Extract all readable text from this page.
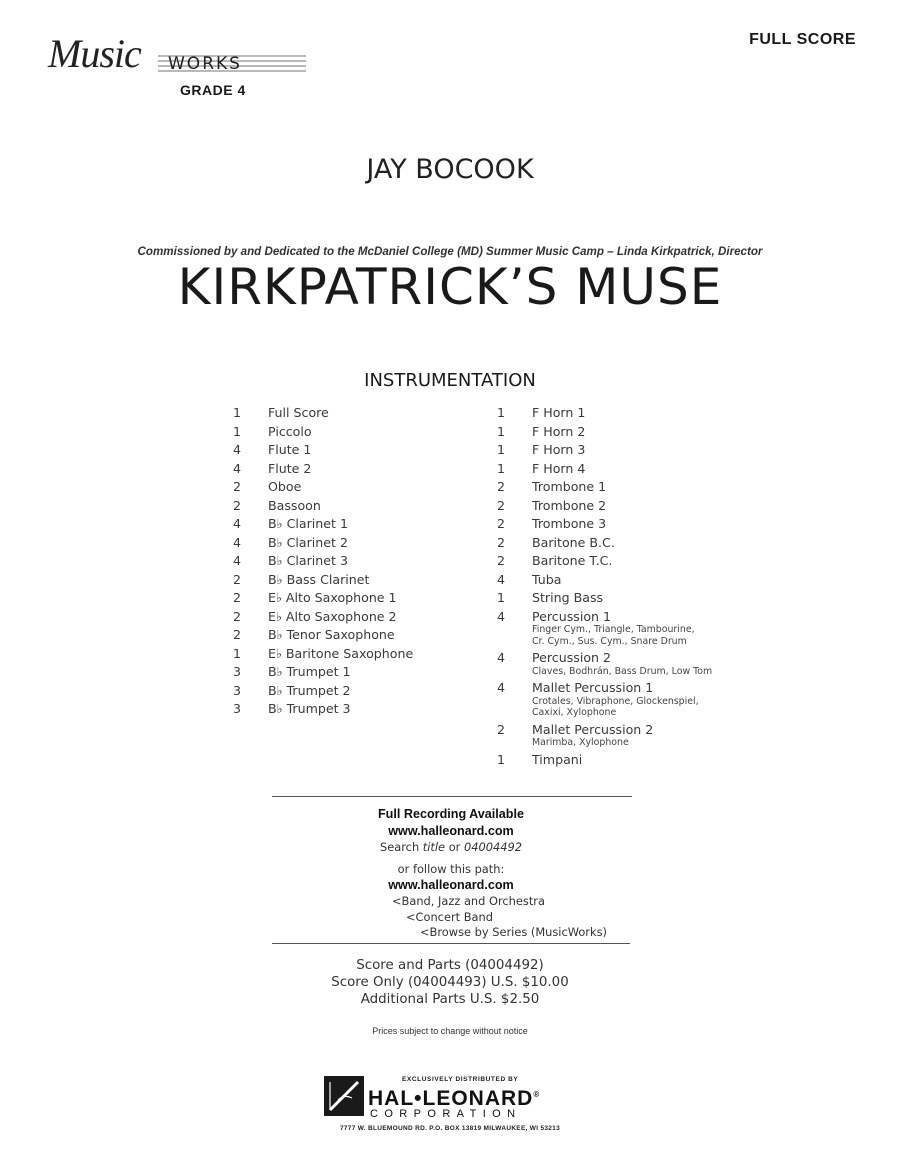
Music WORKS
GRADE 4
FULL SCORE
JAY BOCOOK
Commissioned by and Dedicated to the McDaniel College (MD) Summer Music Camp – Linda Kirkpatrick, Director
KIRKPATRICK’S MUSE
INSTRUMENTATION
1	Full Score
1	Piccolo
4	Flute 1
4	Flute 2
2	Oboe
2	Bassoon
4	B♭ Clarinet 1
4	B♭ Clarinet 2
4	B♭ Clarinet 3
2	B♭ Bass Clarinet
2	E♭ Alto Saxophone 1
2	E♭ Alto Saxophone 2
2	B♭ Tenor Saxophone
1	E♭ Baritone Saxophone
3	B♭ Trumpet 1
3	B♭ Trumpet 2
3	B♭ Trumpet 3
1	F Horn 1
1	F Horn 2
1	F Horn 3
1	F Horn 4
2	Trombone 1
2	Trombone 2
2	Trombone 3
2	Baritone B.C.
2	Baritone T.C.
4	Tuba
1	String Bass
4	Percussion 1
Finger Cym., Triangle, Tambourine,
Cr. Cym., Sus. Cym., Snare Drum
4	Percussion 2
Claves, Bodhrán, Bass Drum, Low Tom
4	Mallet Percussion 1
Crotales, Vibraphone, Glockenspiel,
Caxixi, Xylophone
2	Mallet Percussion 2
Marimba, Xylophone
1	Timpani
Full Recording Available
www.halleonard.com
Search title or 04004492
or follow this path:
www.halleonard.com
<Band, Jazz and Orchestra
<Concert Band
<Browse by Series (MusicWorks)
Score and Parts (04004492)
Score Only (04004493) U.S. $10.00
Additional Parts U.S. $2.50
Prices subject to change without notice
EXCLUSIVELY DISTRIBUTED BY
HAL•LEONARD®
CORPORATION
7777 W. BLUEMOUND RD. P.O. BOX 13819 MILWAUKEE, WI 53213
